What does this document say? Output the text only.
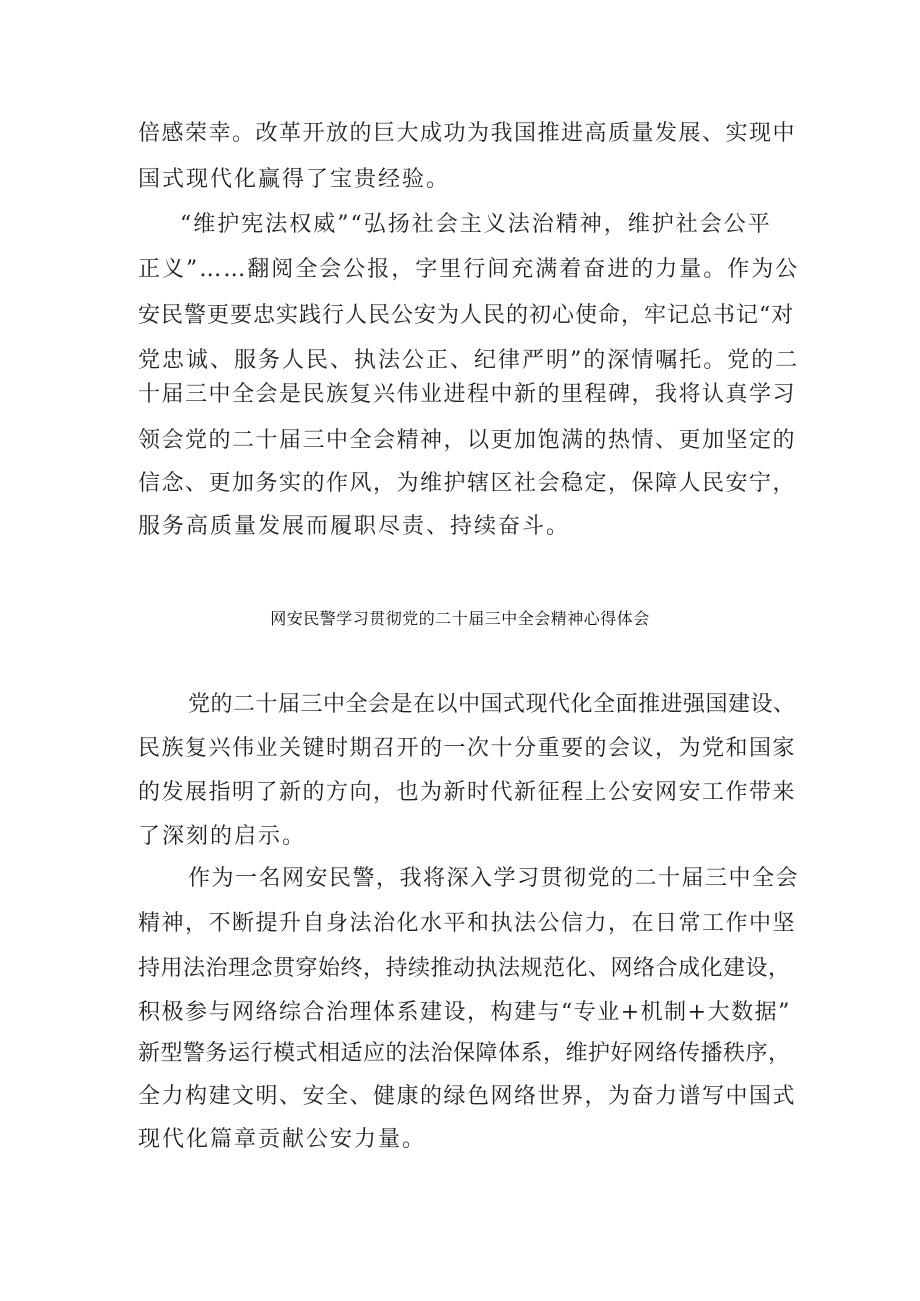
倍感荣幸。改革开放的巨大成功为我国推进高质量发展、实现中
国式现代化赢得了宝贵经验。
“维护宪法权威”“弘扬社会主义法治精神，维护社会公平
正义”……翻阅全会公报，字里行间充满着奋进的力量。作为公
安民警更要忠实践行人民公安为人民的初心使命，牢记总书记“对
党忠诚、服务人民、执法公正、纪律严明”的深情嘱托。党的二
十届三中全会是民族复兴伟业进程中新的里程碑，我将认真学习
领会党的二十届三中全会精神，以更加饱满的热情、更加坚定的
信念、更加务实的作风，为维护辖区社会稳定，保障人民安宁，
服务高质量发展而履职尽责、持续奋斗。
网安民警学习贯彻党的二十届三中全会精神心得体会
党的二十届三中全会是在以中国式现代化全面推进强国建设、
民族复兴伟业关键时期召开的一次十分重要的会议，为党和国家
的发展指明了新的方向，也为新时代新征程上公安网安工作带来
了深刻的启示。
作为一名网安民警，我将深入学习贯彻党的二十届三中全会
精神，不断提升自身法治化水平和执法公信力，在日常工作中坚
持用法治理念贯穿始终，持续推动执法规范化、网络合成化建设，
积极参与网络综合治理体系建设，构建与“专业+机制+大数据”
新型警务运行模式相适应的法治保障体系，维护好网络传播秩序，
全力构建文明、安全、健康的绿色网络世界，为奋力谱写中国式
现代化篇章贡献公安力量。
